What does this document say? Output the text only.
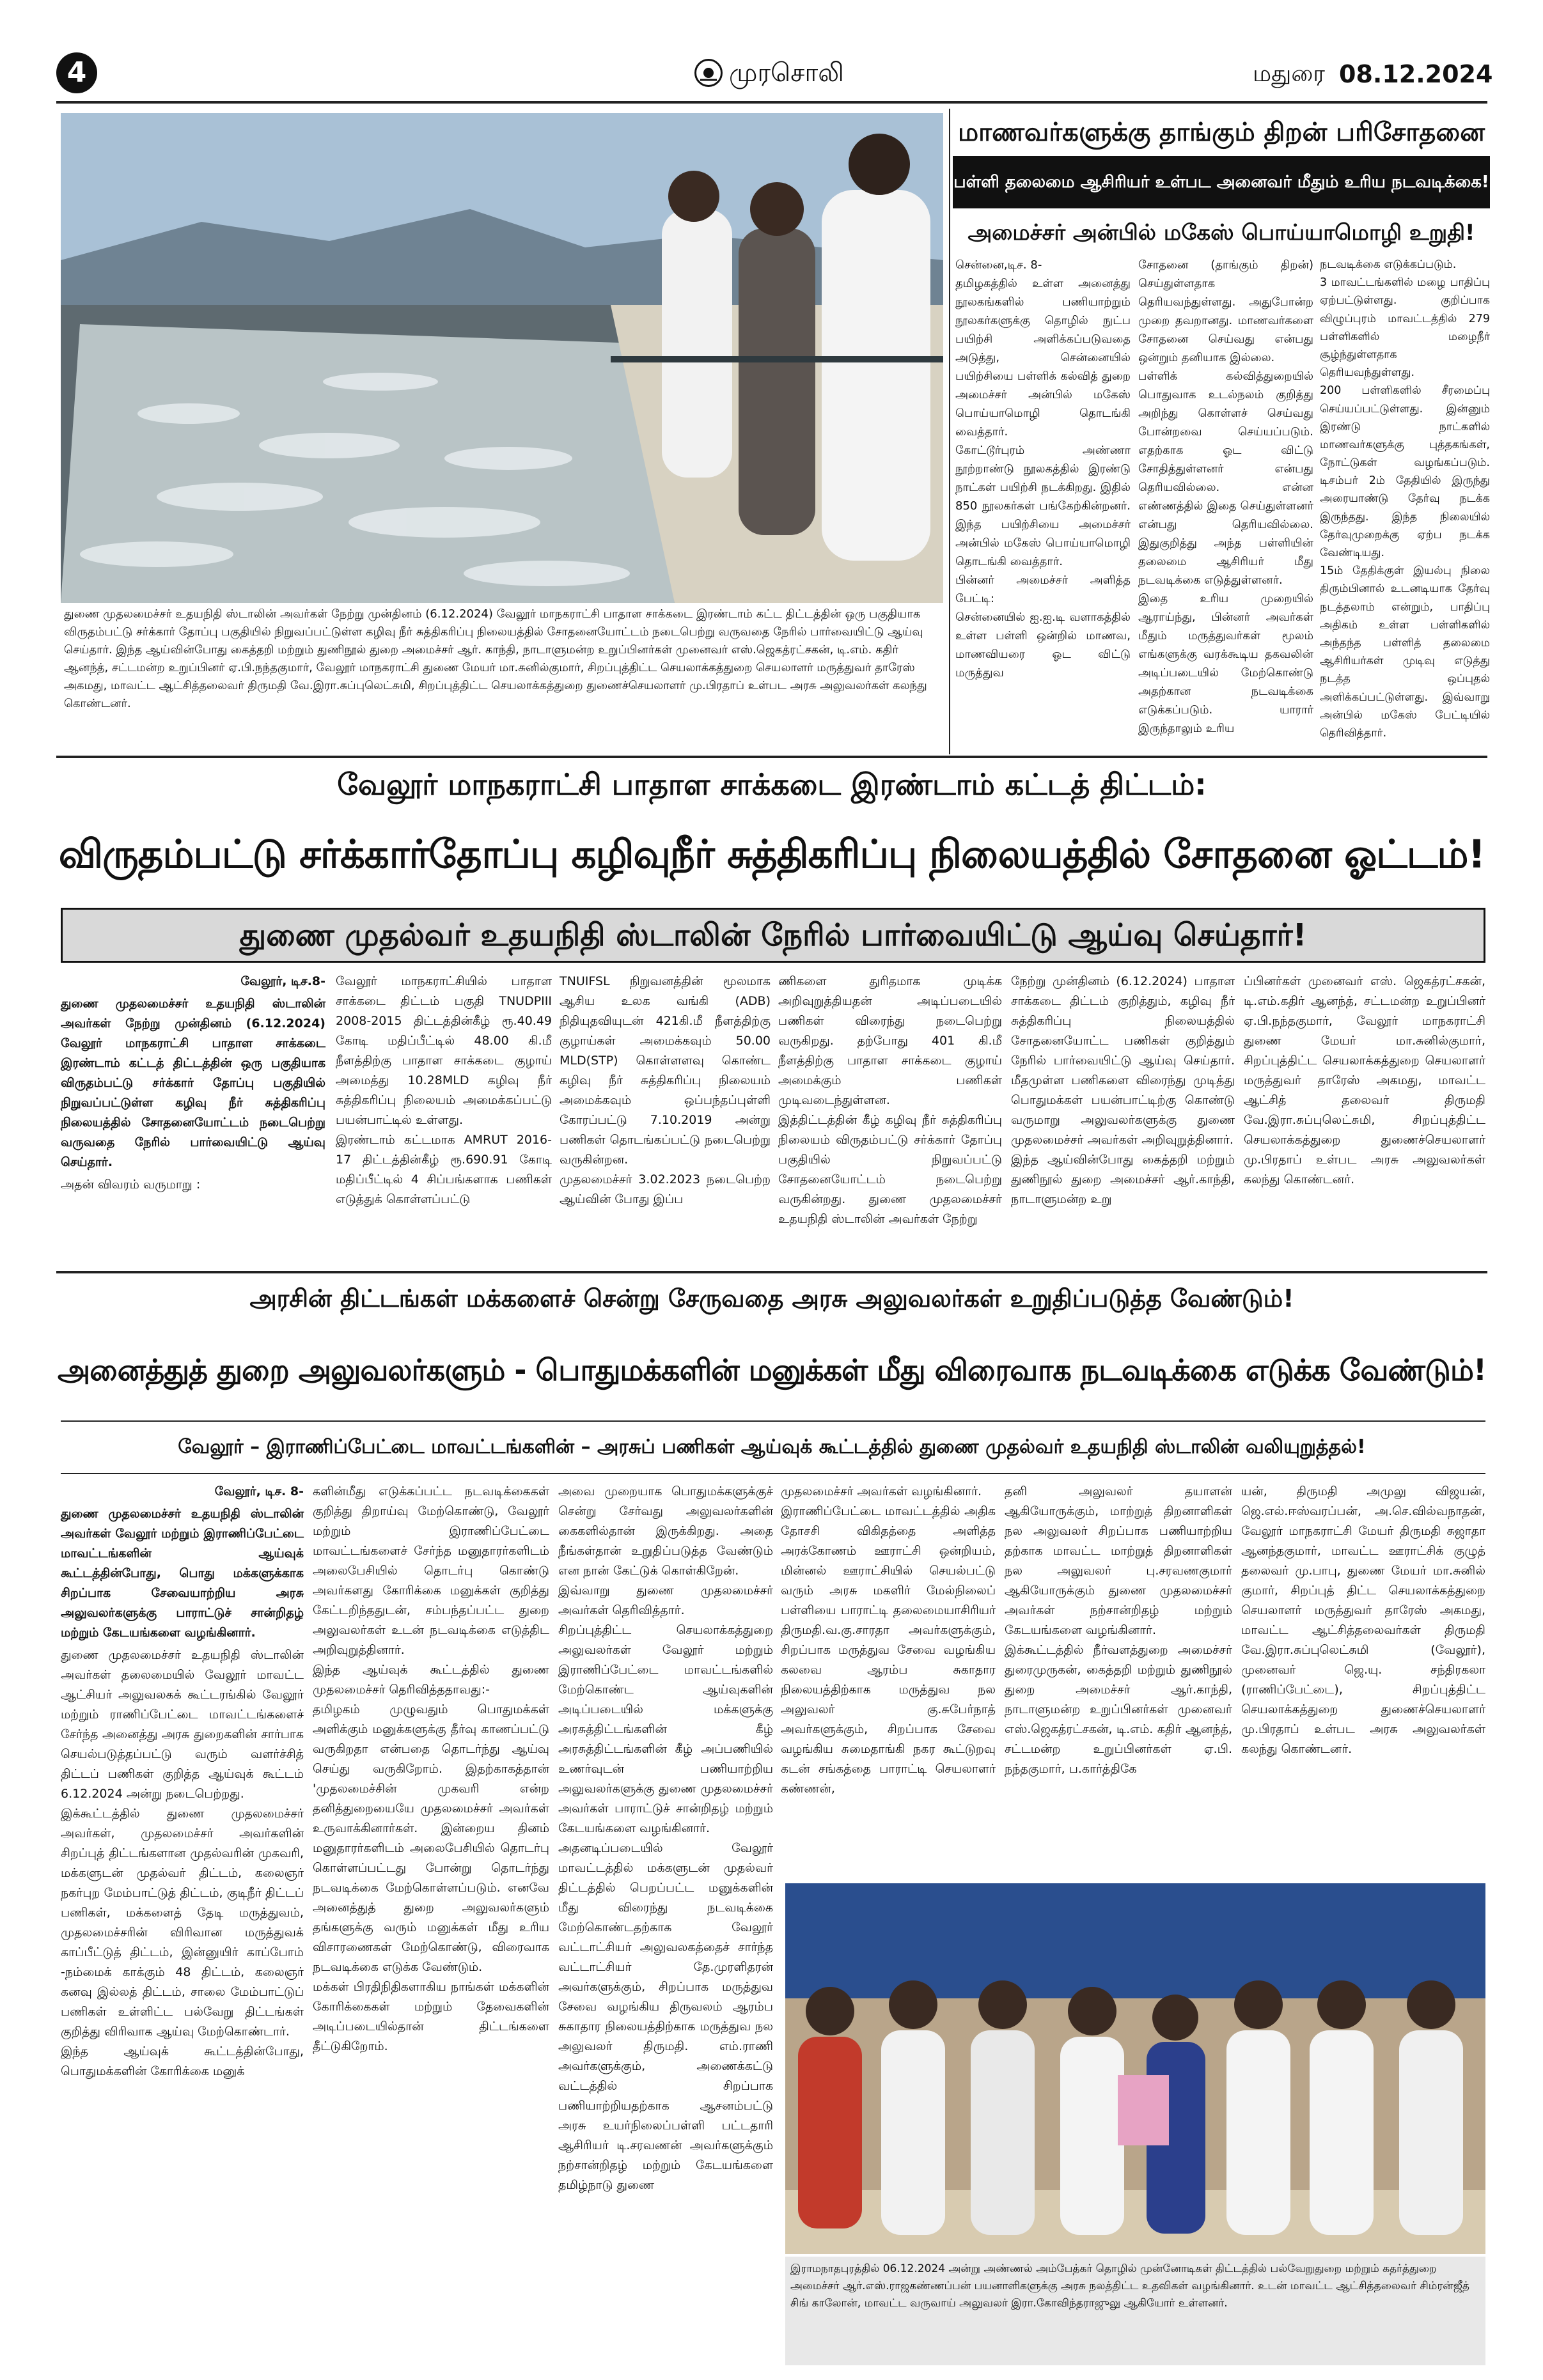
4	முரசொலி	மதுரை 08.12.2024
துணை முதலமைச்சர் உதயநிதி ஸ்டாலின் அவர்கள் நேற்று முன்தினம் (6.12.2024) வேலூர் மாநகராட்சி பாதாள சாக்கடை இரண்டாம் கட்ட திட்டத்தின் ஒரு பகுதியாக விருதம்பட்டு சர்க்கார் தோப்பு பகுதியில் நிறுவப்பட்டுள்ள கழிவு நீர் சுத்திகரிப்பு நிலையத்தில் சோதனையோட்டம் நடைபெற்று வருவதை நேரில் பார்வையிட்டு ஆய்வு செய்தார். இந்த ஆய்வின்போது கைத்தறி மற்றும் துணிநூல் துறை அமைச்சர் ஆர். காந்தி, நாடாளுமன்ற உறுப்பினர்கள் முனைவர் எஸ்.ஜெகத்ரட்சகன், டி.எம். கதிர் ஆனந்த், சட்டமன்ற உறுப்பினர் ஏ.பி.நந்தகுமார், வேலூர் மாநகராட்சி துணை மேயர் மா.சுனில்குமார், சிறப்புத்திட்ட செயலாக்கத்துறை செயலாளர் மருத்துவர் தாரேஸ் அகமது, மாவட்ட ஆட்சித்தலைவர் திருமதி வே.இரா.சுப்புலெட்சுமி, சிறப்புத்திட்ட செயலாக்கத்துறை துணைச்செயலாளர் மு.பிரதாப் உள்பட அரசு அலுவலர்கள் கலந்து கொண்டனர்.
மாணவர்களுக்கு தாங்கும் திறன் பரிசோதனை
பள்ளி தலைமை ஆசிரியர் உள்பட அனைவர் மீதும் உரிய நடவடிக்கை!
அமைச்சர் அன்பில் மகேஸ் பொய்யாமொழி உறுதி!

சென்னை,டிச. 8-
தமிழகத்தில் உள்ள அனைத்து நூலகங்களில் பணியாற்றும் நூலகர்களுக்கு தொழில் நுட்ப பயிற்சி அளிக்கப்படுவதை அடுத்து, சென்னையில் பயிற்சியை பள்ளிக் கல்வித் துறை அமைச்சர் அன்பில் மகேஸ் பொய்யாமொழி தொடங்கி வைத்தார்.
கோட்டூர்புரம் அண்ணா நூற்றாண்டு நூலகத்தில் இரண்டு நாட்கள் பயிற்சி நடக்கிறது. இதில் 850 நூலகர்கள் பங்கேற்கின்றனர். இந்த பயிற்சியை அமைச்சர் அன்பில் மகேஸ் பொய்யாமொழி தொடங்கி வைத்தார்.
பின்னர் அமைச்சர் அளித்த பேட்டி:
சென்னையில் ஐ.ஐ.டி வளாகத்தில் உள்ள பள்ளி ஒன்றில் மாணவ, மாணவியரை ஓட விட்டு மருத்துவ

சோதனை (தாங்கும் திறன்) செய்துள்ளதாக தெரியவந்துள்ளது. அதுபோன்ற முறை தவறானது. மாணவர்களை சோதனை செய்வது என்பது ஒன்றும் தனியாக இல்லை.
பள்ளிக் கல்வித்துறையில் பொதுவாக உடல்நலம் குறித்து அறிந்து கொள்ளச் செய்வது போன்றவை செய்யப்படும். எதற்காக ஓட விட்டு சோதித்துள்ளனர் என்பது தெரியவில்லை. என்ன எண்ணத்தில் இதை செய்துள்ளனர் என்பது தெரியவில்லை. இதுகுறித்து அந்த பள்ளியின் தலைமை ஆசிரியர் மீது நடவடிக்கை எடுத்துள்ளனர்.
இதை உரிய முறையில் ஆராய்ந்து, பின்னர் அவர்கள் மீதும் மருத்துவர்கள் மூலம் எங்களுக்கு வரக்கூடிய தகவலின் அடிப்படையில் மேற்கொண்டு அதற்கான நடவடிக்கை எடுக்கப்படும். யாரார் இருந்தாலும் உரிய

நடவடிக்கை எடுக்கப்படும்.
3 மாவட்டங்களில் மழை பாதிப்பு ஏற்பட்டுள்ளது. குறிப்பாக விழுப்புரம் மாவட்டத்தில் 279 பள்ளிகளில் மழைநீர் சூழ்ந்துள்ளதாக தெரியவந்துள்ளது.
200 பள்ளிகளில் சீரமைப்பு செய்யப்பட்டுள்ளது. இன்னும் இரண்டு நாட்களில் மாணவர்களுக்கு புத்தகங்கள், நோட்டுகள் வழங்கப்படும். டிசம்பர் 2ம் தேதியில் இருந்து அரையாண்டு தேர்வு நடக்க இருந்தது. இந்த நிலையில் தேர்வுமுறைக்கு ஏற்ப நடக்க வேண்டியது.
15ம் தேதிக்குள் இயல்பு நிலை திரும்பினால் உடனடியாக தேர்வு நடத்தலாம் என்றும், பாதிப்பு அதிகம் உள்ள பள்ளிகளில் அந்தந்த பள்ளித் தலைமை ஆசிரியர்கள் முடிவு எடுத்து நடத்த ஒப்புதல் அளிக்கப்பட்டுள்ளது. இவ்வாறு அன்பில் மகேஸ் பேட்டியில் தெரிவித்தார்.

வேலூர் மாநகராட்சி பாதாள சாக்கடை இரண்டாம் கட்டத் திட்டம்:
விருதம்பட்டு சர்க்கார்தோப்பு கழிவுநீர் சுத்திகரிப்பு நிலையத்தில் சோதனை ஓட்டம்!
துணை முதல்வர் உதயநிதி ஸ்டாலின் நேரில் பார்வையிட்டு ஆய்வு செய்தார்!

வேலூர், டிச.8-

துணை முதலமைச்சர் உதயநிதி ஸ்டாலின் அவர்கள் நேற்று முன்தினம் (6.12.2024) வேலூர் மாநகராட்சி பாதாள சாக்கடை இரண்டாம் கட்டத் திட்டத்தின் ஒரு பகுதியாக விருதம்பட்டு சர்க்கார் தோப்பு பகுதியில் நிறுவப்பட்டுள்ள கழிவு நீர் சுத்திகரிப்பு நிலையத்தில் சோதனையோட்டம் நடைபெற்று வருவதை நேரில் பார்வையிட்டு ஆய்வு செய்தார்.

அதன் விவரம் வருமாறு :

வேலூர் மாநகராட்சியில் பாதாள சாக்கடை திட்டம் பகுதி TNUDPIII 2008-2015 திட்டத்தின்கீழ் ரூ.40.49 கோடி மதிப்பீட்டில் 48.00 கி.மீ நீளத்திற்கு பாதாள சாக்கடை குழாய் அமைத்து 10.28MLD கழிவு நீர் சுத்திகரிப்பு நிலையம் அமைக்கப்பட்டு பயன்பாட்டில் உள்ளது.
இரண்டாம் கட்டமாக AMRUT 2016-17 திட்டத்தின்கீழ் ரூ.690.91 கோடி மதிப்பீட்டில் 4 சிப்பங்களாக பணிகள் எடுத்துக் கொள்ளப்பட்டு

TNUIFSL நிறுவனத்தின் மூலமாக ஆசிய உலக வங்கி (ADB) நிதியுதவியுடன் 421கி.மீ நீளத்திற்கு குழாய்கள் அமைக்கவும் 50.00 MLD(STP) கொள்ளளவு கொண்ட கழிவு நீர் சுத்திகரிப்பு நிலையம் அமைக்கவும் ஒப்பந்தப்புள்ளி கோரப்பட்டு 7.10.2019 அன்று பணிகள் தொடங்கப்பட்டு நடைபெற்று வருகின்றன.
முதலமைச்சர் 3.02.2023 நடைபெற்ற ஆய்வின் போது இப்ப

ணிகளை துரிதமாக முடிக்க அறிவுறுத்தியதன் அடிப்படையில் பணிகள் விரைந்து நடைபெற்று வருகிறது. தற்போது 401 கி.மீ நீளத்திற்கு பாதாள சாக்கடை குழாய் அமைக்கும் பணிகள் முடிவடைந்துள்ளன.
இத்திட்டத்தின் கீழ் கழிவு நீர் சுத்திகரிப்பு நிலையம் விருதம்பட்டு சர்க்கார் தோப்பு பகுதியில் நிறுவப்பட்டு சோதனையோட்டம் நடைபெற்று வருகின்றது. துணை முதலமைச்சர் உதயநிதி ஸ்டாலின் அவர்கள் நேற்று

நேற்று முன்தினம் (6.12.2024) பாதாள சாக்கடை திட்டம் குறித்தும், கழிவு நீர் சுத்திகரிப்பு நிலையத்தில் சோதனையோட்ட பணிகள் குறித்தும் நேரில் பார்வையிட்டு ஆய்வு செய்தார். மீதமுள்ள பணிகளை விரைந்து முடித்து பொதுமக்கள் பயன்பாட்டிற்கு கொண்டு வருமாறு அலுவலர்களுக்கு துணை முதலமைச்சர் அவர்கள் அறிவுறுத்தினார்.
இந்த ஆய்வின்போது கைத்தறி மற்றும் துணிநூல் துறை அமைச்சர் ஆர்.காந்தி, நாடாளுமன்ற உறு

ப்பினர்கள் முனைவர் எஸ். ஜெகத்ரட்சகன், டி.எம்.கதிர் ஆனந்த், சட்டமன்ற உறுப்பினர் ஏ.பி.நந்தகுமார், வேலூர் மாநகராட்சி துணை மேயர் மா.சுனில்குமார், சிறப்புத்திட்ட செயலாக்கத்துறை செயலாளர் மருத்துவர் தாரேஸ் அகமது, மாவட்ட ஆட்சித் தலைவர் திருமதி வே.இரா.சுப்புலெட்சுமி, சிறப்புத்திட்ட செயலாக்கத்துறை துணைச்செயலாளர் மு.பிரதாப் உள்பட அரசு அலுவலர்கள் கலந்து கொண்டனர்.

அரசின் திட்டங்கள் மக்களைச் சென்று சேருவதை அரசு அலுவலர்கள் உறுதிப்படுத்த வேண்டும்!
அனைத்துத் துறை அலுவலர்களும் - பொதுமக்களின் மனுக்கள் மீது விரைவாக நடவடிக்கை எடுக்க வேண்டும்!
வேலூர் – இராணிப்பேட்டை மாவட்டங்களின் – அரசுப் பணிகள் ஆய்வுக் கூட்டத்தில் துணை முதல்வர் உதயநிதி ஸ்டாலின் வலியுறுத்தல்!

வேலூர், டிச. 8-

துணை முதலமைச்சர் உதயநிதி ஸ்டாலின் அவர்கள் வேலூர் மற்றும் இராணிப்பேட்டை மாவட்டங்களின் ஆய்வுக் கூட்டத்தின்போது, பொது மக்களுக்காக சிறப்பாக சேவையாற்றிய அரசு அலுவலர்களுக்கு பாராட்டுச் சான்றிதழ் மற்றும் கேடயங்களை வழங்கினார்.

துணை முதலமைச்சர் உதயநிதி ஸ்டாலின் அவர்கள் தலைமையில் வேலூர் மாவட்ட ஆட்சியர் அலுவலகக் கூட்டரங்கில் வேலூர் மற்றும் ராணிப்பேட்டை மாவட்டங்களைச் சேர்ந்த அனைத்து அரசு துறைகளின் சார்பாக செயல்படுத்தப்பட்டு வரும் வளர்ச்சித் திட்டப் பணிகள் குறித்த ஆய்வுக் கூட்டம் 6.12.2024 அன்று நடைபெற்றது.
இக்கூட்டத்தில் துணை முதலமைச்சர் அவர்கள், முதலமைச்சர் அவர்களின் சிறப்புத் திட்டங்களான முதல்வரின் முகவரி, மக்களுடன் முதல்வர் திட்டம், கலைஞர் நகர்புற மேம்பாட்டுத் திட்டம், குடிநீர் திட்டப் பணிகள், மக்களைத் தேடி மருத்துவம், முதலமைச்சரின் விரிவான மருத்துவக் காப்பீட்டுத் திட்டம், இன்னுயிர் காப்போம் -நம்மைக் காக்கும் 48 திட்டம், கலைஞர் கனவு இல்லத் திட்டம், சாலை மேம்பாட்டுப் பணிகள் உள்ளிட்ட பல்வேறு திட்டங்கள் குறித்து விரிவாக ஆய்வு மேற்கொண்டார்.
இந்த ஆய்வுக் கூட்டத்தின்போது, பொதுமக்களின் கோரிக்கை மனுக்

களின்மீது எடுக்கப்பட்ட நடவடிக்கைகள் குறித்து திறாய்வு மேற்கொண்டு, வேலூர் மற்றும் இராணிப்பேட்டை மாவட்டங்களைச் சேர்ந்த மனுதாரர்களிடம் அலைபேசியில் தொடர்பு கொண்டு அவர்களது கோரிக்கை மனுக்கள் குறித்து கேட்டறிந்ததுடன், சம்பந்தப்பட்ட துறை அலுவலர்கள் உடன் நடவடிக்கை எடுத்திட அறிவுறுத்தினார்.
இந்த ஆய்வுக் கூட்டத்தில் துணை முதலமைச்சர் தெரிவித்ததாவது:-
தமிழகம் முழுவதும் பொதுமக்கள் அளிக்கும் மனுக்களுக்கு தீர்வு காணப்பட்டு வருகிறதா என்பதை தொடர்ந்து ஆய்வு செய்து வருகிறோம். இதற்காகத்தான் 'முதலமைச்சின் முகவரி என்ற தனித்துறையையே முதலமைச்சர் அவர்கள் உருவாக்கினார்கள். இன்றைய தினம் மனுதாரர்களிடம் அலைபேசியில் தொடர்பு கொள்ளப்பட்டது போன்று தொடர்ந்து நடவடிக்கை மேற்கொள்ளப்படும். எனவே அனைத்துத் துறை அலுவலர்களும் தங்களுக்கு வரும் மனுக்கள் மீது உரிய விசாரணைகள் மேற்கொண்டு, விரைவாக நடவடிக்கை எடுக்க வேண்டும்.
மக்கள் பிரதிநிதிகளாகிய நாங்கள் மக்களின் கோரிக்கைகள் மற்றும் தேவைகளின் அடிப்படையில்தான் திட்டங்களை தீட்டுகிறோம்.

அவை முறையாக பொதுமக்களுக்குச் சென்று சேர்வது அலுவலர்களின் கைகளில்தான் இருக்கிறது. அதை நீங்கள்தான் உறுதிப்படுத்த வேண்டும் என நான் கேட்டுக் கொள்கிறேன்.
இவ்வாறு துணை முதலமைச்சர் அவர்கள் தெரிவித்தார்.
சிறப்புத்திட்ட செயலாக்கத்துறை அலுவலர்கள் வேலூர் மற்றும் இராணிப்பேட்டை மாவட்டங்களில் மேற்கொண்ட ஆய்வுகளின் அடிப்படையில் மக்களுக்கு அரசுத்திட்டங்களின் கீழ் அரசுத்திட்டங்களின் கீழ் அப்பணியில் உணர்வுடன் பணியாற்றிய அலுவலர்களுக்கு துணை முதலமைச்சர் அவர்கள் பாராட்டுச் சான்றிதழ் மற்றும் கேடயங்களை வழங்கினார்.
அதனடிப்படையில் வேலூர் மாவட்டத்தில் மக்களுடன் முதல்வர் திட்டத்தில் பெறப்பட்ட மனுக்களின் மீது விரைந்து நடவடிக்கை மேற்கொண்டதற்காக வேலூர் வட்டாட்சியர் அலுவலகத்தைச் சார்ந்த வட்டாட்சியர் தே.முரளிதரன் அவர்களுக்கும், சிறப்பாக மருத்துவ சேவை வழங்கிய திருவலம் ஆரம்ப சுகாதார நிலையத்திற்காக மருத்துவ நல அலுவலர் திருமதி. எம்.ராணி அவர்களுக்கும், அணைக்கட்டு வட்டத்தில் சிறப்பாக பணியாற்றியதற்காக ஆசனம்பட்டு அரசு உயர்நிலைப்பள்ளி பட்டதாரி ஆசிரியர் டி.சரவணன் அவர்களுக்கும் நற்சான்றிதழ் மற்றும் கேடயங்களை தமிழ்நாடு துணை

முதலமைச்சர் அவர்கள் வழங்கினார்.
இராணிப்பேட்டை மாவட்டத்தில் அதிக தோசசி விகிதத்தை அளித்த அரக்கோணம் ஊராட்சி ஒன்றியம், மின்னல் ஊராட்சியில் செயல்பட்டு வரும் அரசு மகளிர் மேல்நிலைப் பள்ளியை பாராட்டி தலைமையாசிரியர் திருமதி.வ.கு.சாரதா அவர்களுக்கும், சிறப்பாக மருத்துவ சேவை வழங்கிய கலவை ஆரம்ப சுகாதார நிலையத்திற்காக மருத்துவ நல அலுவலர் கு.சுபேர்நாத் அவர்களுக்கும், சிறப்பாக சேவை வழங்கிய சுமைதாங்கி நகர கூட்டுறவு கடன் சங்கத்தை பாராட்டி செயலாளர் கண்ணன்,

தனி அலுவலர் தயாளன் ஆகியோருக்கும், மாற்றுத் திறனாளிகள் நல அலுவலர் சிறப்பாக பணியாற்றிய தற்காக மாவட்ட மாற்றுத் திறனாளிகள் நல அலுவலர் பு.சரவணகுமார் ஆகியோருக்கும் துணை முதலமைச்சர் அவர்கள் நற்சான்றிதழ் மற்றும் கேடயங்களை வழங்கினார்.
இக்கூட்டத்தில் நீர்வளத்துறை அமைச்சர் துரைமுருகன், கைத்தறி மற்றும் துணிநூல் துறை அமைச்சர் ஆர்.காந்தி, நாடாளுமன்ற உறுப்பினர்கள் முனைவர் எஸ்.ஜெகத்ரட்சகன், டி.எம். கதிர் ஆனந்த், சட்டமன்ற உறுப்பினர்கள் ஏ.பி. நந்தகுமார், ப.கார்த்திகே

யன், திருமதி அமுலு விஜயன், ஜெ.எல்.ஈஸ்வரப்பன், அ.செ.வில்வநாதன், வேலூர் மாநகராட்சி மேயர் திருமதி சுஜாதா ஆனந்தகுமார், மாவட்ட ஊராட்சிக் குழுத் தலைவர் மு.பாபு, துணை மேயர் மா.சுனில் குமார், சிறப்புத் திட்ட செயலாக்கத்துறை செயலாளர் மருத்துவர் தாரேஸ் அகமது, மாவட்ட ஆட்சித்தலைவர்கள் திருமதி வே.இரா.சுப்புலெட்சுமி (வேலூர்), முனைவர் ஜெ.யு. சந்திரகலா (ராணிப்பேட்டை), சிறப்புத்திட்ட செயலாக்கத்துறை துணைச்செயலாளர் மு.பிரதாப் உள்பட அரசு அலுவலர்கள் கலந்து கொண்டனர்.

இராமநாதபுரத்தில் 06.12.2024 அன்று அண்ணல் அம்பேத்கர் தொழில் முன்னோடிகள் திட்டத்தில் பல்வேறுதுறை மற்றும் கதர்த்துறை அமைச்சர் ஆர்.எஸ்.ராஜகண்ணப்பன் பயனாளிகளுக்கு அரசு நலத்திட்ட உதவிகள் வழங்கினார். உடன் மாவட்ட ஆட்சித்தலைவர் சிம்ரன்ஜீத் சிங் காலோன், மாவட்ட வருவாய் அலுவலர் இரா.கோவிந்தராஜுலு ஆகியோர் உள்ளனர்.
